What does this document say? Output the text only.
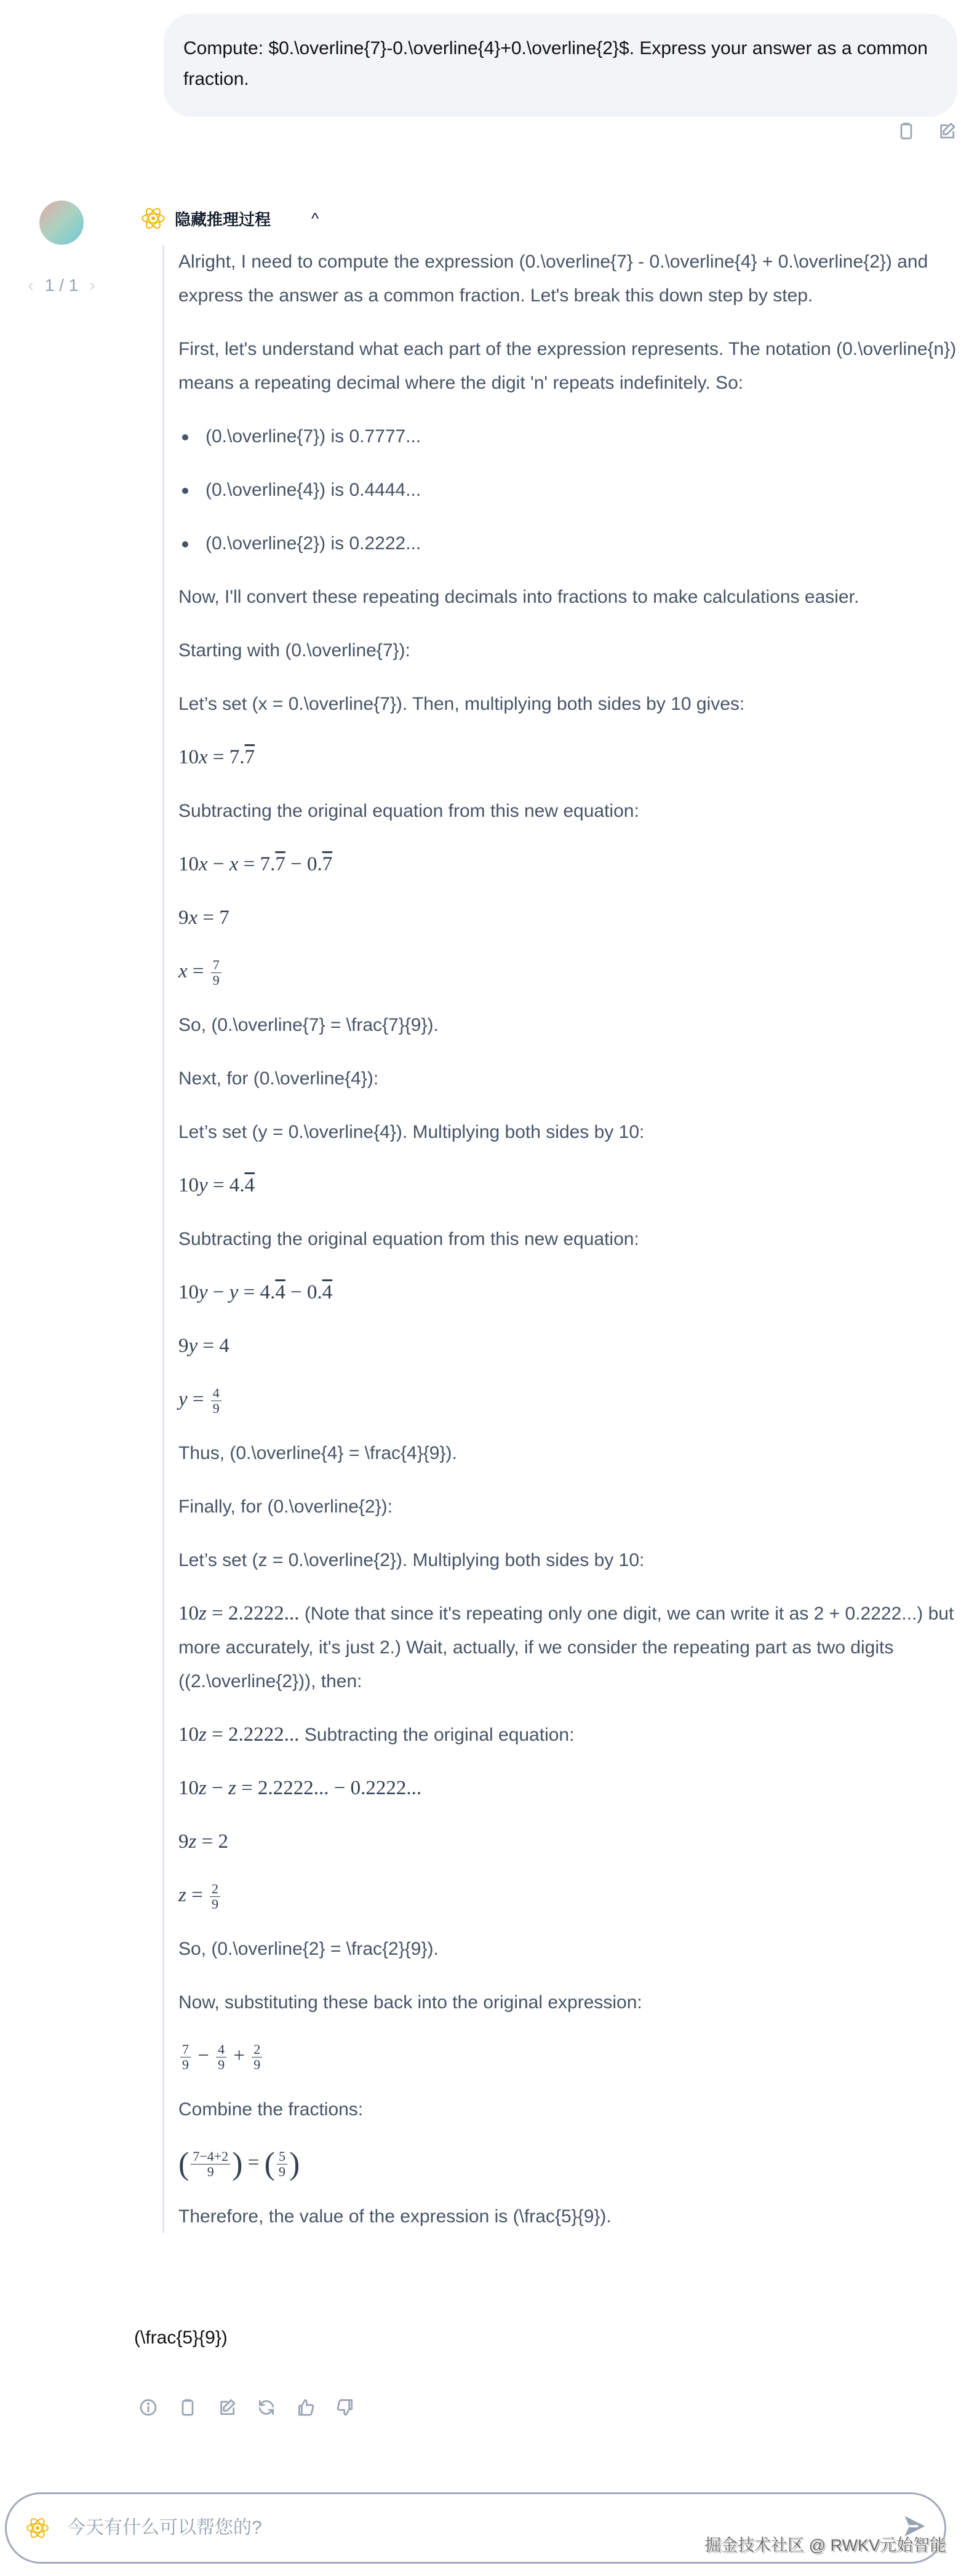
Compute: $0.\overline{7}-0.\overline{4}+0.\overline{2}$. Express your answer as a common fraction.
‹ 1 / 1 ›
隐藏推理过程	^

Alright, I need to compute the expression (0.\overline{7} - 0.\overline{4} + 0.\overline{2}) and express the answer as a common fraction. Let's break this down step by step.

First, let's understand what each part of the expression represents. The notation (0.\overline{n}) means a repeating decimal where the digit 'n' repeats indefinitely. So:

(0.\overline{7}) is 0.7777...
(0.\overline{4}) is 0.4444...
(0.\overline{2}) is 0.2222...

Now, I'll convert these repeating decimals into fractions to make calculations easier.

Starting with (0.\overline{7}):

Let’s set (x = 0.\overline{7}). Then, multiplying both sides by 10 gives:

10x = 7.7

Subtracting the original equation from this new equation:

10x − x = 7.7 − 0.7
9x = 7
$x = \frac{7}{9}$

So, (0.\overline{7} = \frac{7}{9}).

Next, for (0.\overline{4}):

Let’s set (y = 0.\overline{4}). Multiplying both sides by 10:

10y = 4.4

Subtracting the original equation from this new equation:

10y − y = 4.4 − 0.4
9y = 4
$y = \frac{4}{9}$

Thus, (0.\overline{4} = \frac{4}{9}).

Finally, for (0.\overline{2}):

Let’s set (z = 0.\overline{2}). Multiplying both sides by 10:

10z = 2.2222... (Note that since it's repeating only one digit, we can write it as 2 + 0.2222...) but more accurately, it's just 2.) Wait, actually, if we consider the repeating part as two digits ((2.\overline{2})), then:

10z = 2.2222... Subtracting the original equation:

10z − z = 2.2222... − 0.2222...
9z = 2
$z = \frac{2}{9}$

So, (0.\overline{2} = \frac{2}{9}).

Now, substituting these back into the original expression:

$\frac{7}{9} - \frac{4}{9} + \frac{2}{9}$

Combine the fractions:

( $\frac{7-4+2}{9}$ ) = ( $\frac{5}{9}$ )

Therefore, the value of the expression is (\frac{5}{9}).

(\frac{5}{9})
今天有什么可以帮您的?
掘金技术社区 @ RWKV元始智能
